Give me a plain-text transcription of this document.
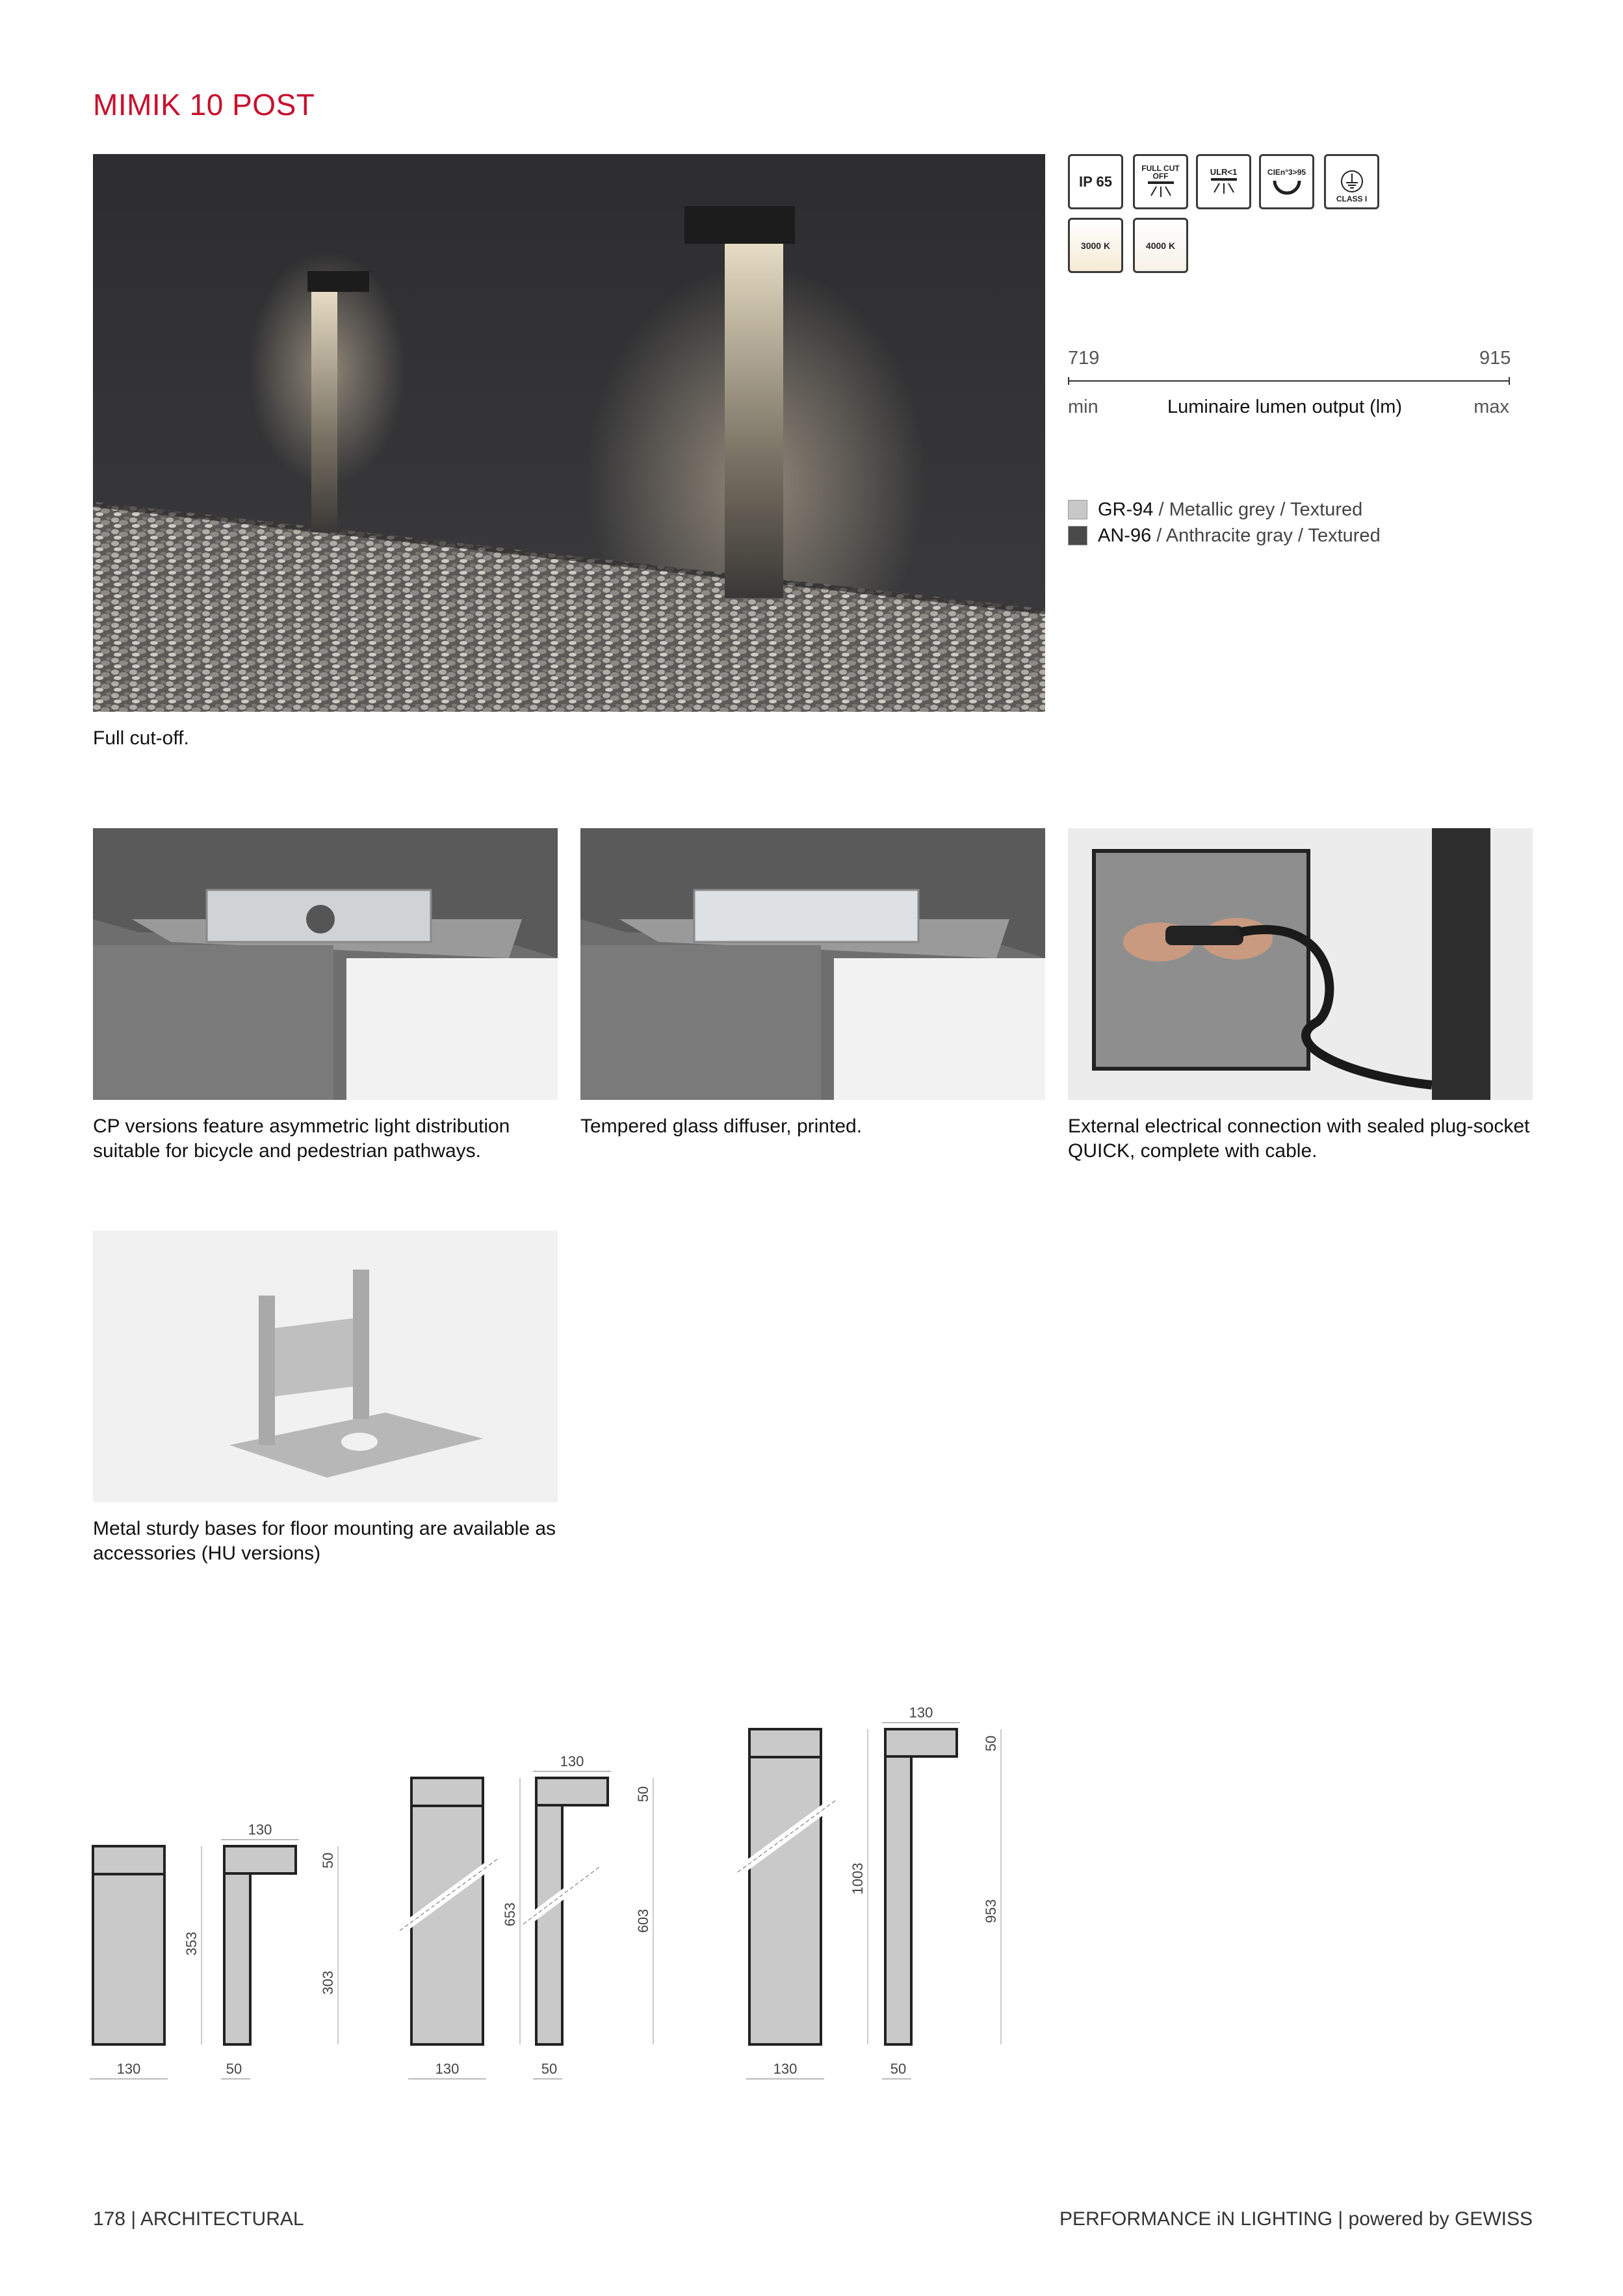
MIMIK 10 POST
Full cut-off.
IP 65
FULL CUT OFF	ULR<1	CIEn°3>95
CLASS I
3000 K	4000 K
719	915
min	Luminaire lumen output (lm)	max
GR-94 / Metallic grey / Textured
AN-96 / Anthracite gray / Textured
CP versions feature asymmetric light distribution suitable for bicycle and pedestrian pathways.
Tempered glass diffuser, printed.	External electrical connection with sealed plug-socket QUICK, complete with cable.
Metal sturdy bases for floor mounting are available as accessories (HU versions)
130
353
130
50
50
303
130
653
130
50
50
603
130
1003
130
50
50
953
178 | ARCHITECTURAL	PERFORMANCE iN LIGHTING | powered by GEWISS
